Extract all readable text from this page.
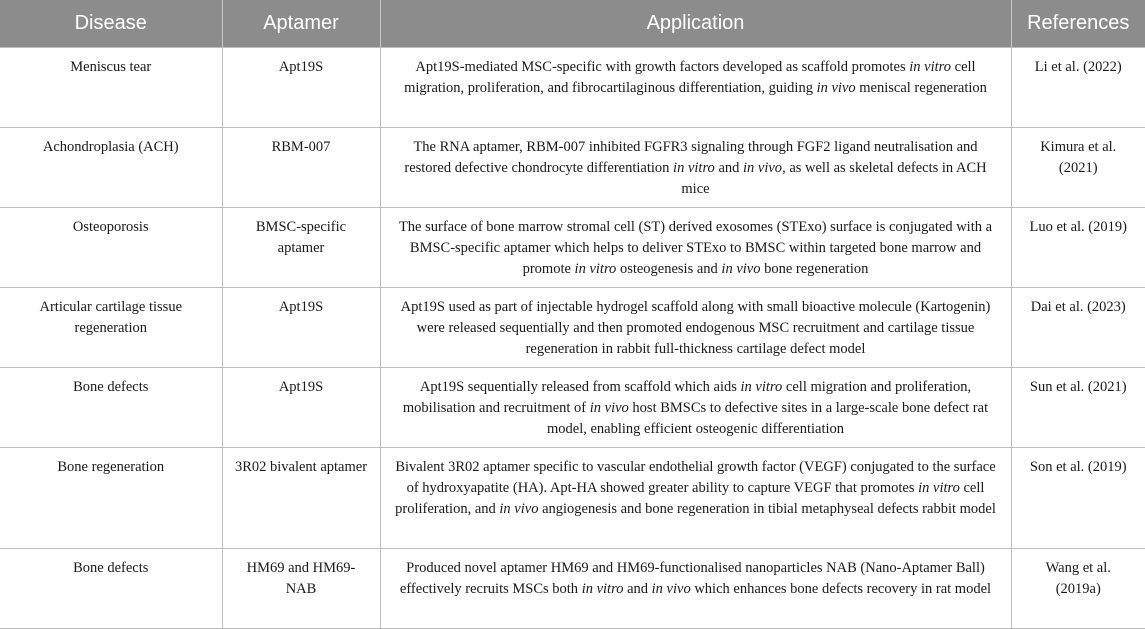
Disease	Aptamer	Application	References
Meniscus tear	Apt19S	Apt19S-mediated MSC-specific with growth factors developed as scaffold promotes in vitro cell migration, proliferation, and fibrocartilaginous differentiation, guiding in vivo meniscal regeneration	Li et al. (2022)
Achondroplasia (ACH)	RBM-007	The RNA aptamer, RBM-007 inhibited FGFR3 signaling through FGF2 ligand neutralisation and restored defective chondrocyte differentiation in vitro and in vivo, as well as skeletal defects in ACH mice	Kimura et al. (2021)
Osteoporosis	BMSC-specific aptamer	The surface of bone marrow stromal cell (ST) derived exosomes (STExo) surface is conjugated with a BMSC-specific aptamer which helps to deliver STExo to BMSC within targeted bone marrow and promote in vitro osteogenesis and in vivo bone regeneration	Luo et al. (2019)
Articular cartilage tissue regeneration	Apt19S	Apt19S used as part of injectable hydrogel scaffold along with small bioactive molecule (Kartogenin) were released sequentially and then promoted endogenous MSC recruitment and cartilage tissue regeneration in rabbit full-thickness cartilage defect model	Dai et al. (2023)
Bone defects	Apt19S	Apt19S sequentially released from scaffold which aids in vitro cell migration and proliferation, mobilisation and recruitment of in vivo host BMSCs to defective sites in a large-scale bone defect rat model, enabling efficient osteogenic differentiation	Sun et al. (2021)
Bone regeneration	3R02 bivalent aptamer	Bivalent 3R02 aptamer specific to vascular endothelial growth factor (VEGF) conjugated to the surface of hydroxyapatite (HA). Apt-HA showed greater ability to capture VEGF that promotes in vitro cell proliferation, and in vivo angiogenesis and bone regeneration in tibial metaphyseal defects rabbit model	Son et al. (2019)
Bone defects	HM69 and HM69-NAB	Produced novel aptamer HM69 and HM69-functionalised nanoparticles NAB (Nano-Aptamer Ball) effectively recruits MSCs both in vitro and in vivo which enhances bone defects recovery in rat model	Wang et al. (2019a)
